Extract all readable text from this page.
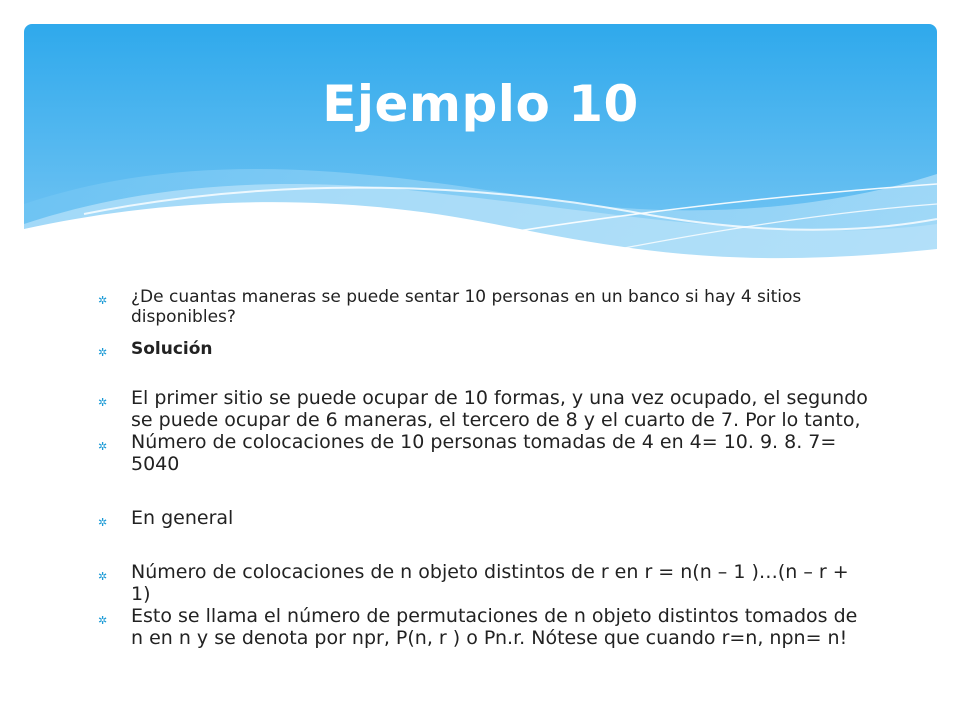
Ejemplo 10
✲ ¿De cuantas maneras se puede sentar 10 personas en un banco si hay 4 sitios disponibles?
✲ Solución
✲ El primer sitio se puede ocupar de 10 formas, y una vez ocupado, el segundo se puede ocupar de 6 maneras, el tercero de 8 y el cuarto de 7. Por lo tanto,
✲ Número de colocaciones de 10 personas tomadas de 4 en 4= 10. 9. 8. 7= 5040
✲ En general
✲ Número de colocaciones de n objeto distintos de r en r = n(n – 1 )…(n – r + 1)
✲ Esto se llama el número de permutaciones de n objeto distintos tomados de n en n y se denota por npr, P(n, r ) o Pn.r. Nótese que cuando r=n, npn= n!
